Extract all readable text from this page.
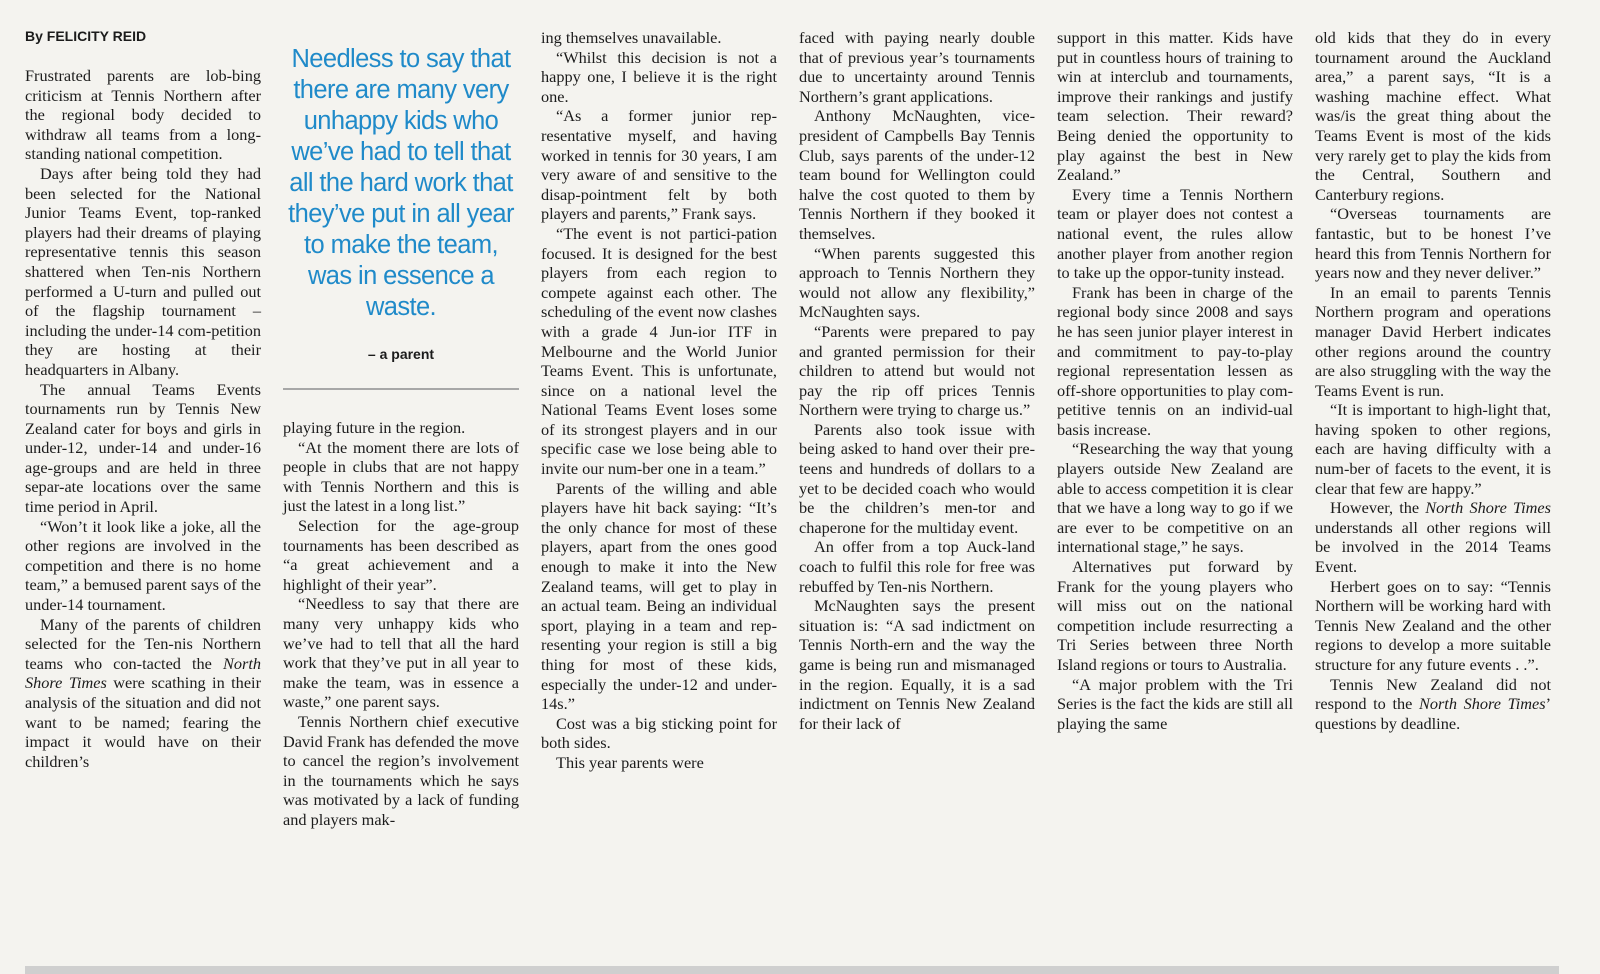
By FELICITY REID

Frustrated parents are lob-bing criticism at Tennis Northern after the regional body decided to withdraw all teams from a long-standing national competition.

Days after being told they had been selected for the National Junior Teams Event, top-ranked players had their dreams of playing representative tennis this season shattered when Ten-nis Northern performed a U-turn and pulled out of the flagship tournament – including the under-14 com-petition they are hosting at their headquarters in Albany.

The annual Teams Events tournaments run by Tennis New Zealand cater for boys and girls in under-12, under-14 and under-16 age-groups and are held in three separ-ate locations over the same time period in April.

“Won’t it look like a joke, all the other regions are involved in the competition and there is no home team,” a bemused parent says of the under-14 tournament.

Many of the parents of children selected for the Ten-nis Northern teams who con-tacted the North Shore Times were scathing in their analysis of the situation and did not want to be named; fearing the impact it would have on their children’s

Needless to say that there are many very unhappy kids who we’ve had to tell that all the hard work that they’ve put in all year to make the team, was in essence a waste.
– a parent

playing future in the region.

“At the moment there are lots of people in clubs that are not happy with Tennis Northern and this is just the latest in a long list.”

Selection for the age-group tournaments has been described as “a great achievement and a highlight of their year”.

“Needless to say that there are many very unhappy kids who we’ve had to tell that all the hard work that they’ve put in all year to make the team, was in essence a waste,” one parent says.

Tennis Northern chief executive David Frank has defended the move to cancel the region’s involvement in the tournaments which he says was motivated by a lack of funding and players mak-

ing themselves unavailable.

“Whilst this decision is not a happy one, I believe it is the right one.

“As a former junior rep-resentative myself, and having worked in tennis for 30 years, I am very aware of and sensitive to the disap-pointment felt by both players and parents,” Frank says.

“The event is not partici-pation focused. It is designed for the best players from each region to compete against each other. The scheduling of the event now clashes with a grade 4 Jun-ior ITF in Melbourne and the World Junior Teams Event. This is unfortunate, since on a national level the National Teams Event loses some of its strongest players and in our specific case we lose being able to invite our num-ber one in a team.”

Parents of the willing and able players have hit back saying: “It’s the only chance for most of these players, apart from the ones good enough to make it into the New Zealand teams, will get to play in an actual team. Being an individual sport, playing in a team and rep-resenting your region is still a big thing for most of these kids, especially the under-12 and under-14s.”

Cost was a big sticking point for both sides.

This year parents were

faced with paying nearly double that of previous year’s tournaments due to uncertainty around Tennis Northern’s grant applications.

Anthony McNaughten, vice-president of Campbells Bay Tennis Club, says parents of the under-12 team bound for Wellington could halve the cost quoted to them by Tennis Northern if they booked it themselves.

“When parents suggested this approach to Tennis Northern they would not allow any flexibility,” McNaughten says.

“Parents were prepared to pay and granted permission for their children to attend but would not pay the rip off prices Tennis Northern were trying to charge us.”

Parents also took issue with being asked to hand over their pre-teens and hundreds of dollars to a yet to be decided coach who would be the children’s men-tor and chaperone for the multiday event.

An offer from a top Auck-land coach to fulfil this role for free was rebuffed by Ten-nis Northern.

McNaughten says the present situation is: “A sad indictment on Tennis North-ern and the way the game is being run and mismanaged in the region. Equally, it is a sad indictment on Tennis New Zealand for their lack of

support in this matter. Kids have put in countless hours of training to win at interclub and tournaments, improve their rankings and justify team selection. Their reward? Being denied the opportunity to play against the best in New Zealand.”

Every time a Tennis Northern team or player does not contest a national event, the rules allow another player from another region to take up the oppor-tunity instead.

Frank has been in charge of the regional body since 2008 and says he has seen junior player interest in and commitment to pay-to-play regional representation lessen as off-shore opportunities to play com-petitive tennis on an individ-ual basis increase.

“Researching the way that young players outside New Zealand are able to access competition it is clear that we have a long way to go if we are ever to be competitive on an international stage,” he says.

Alternatives put forward by Frank for the young players who will miss out on the national competition include resurrecting a Tri Series between three North Island regions or tours to Australia.

“A major problem with the Tri Series is the fact the kids are still all playing the same

old kids that they do in every tournament around the Auckland area,” a parent says, “It is a washing machine effect. What was/is the great thing about the Teams Event is most of the kids very rarely get to play the kids from the Central, Southern and Canterbury regions.

“Overseas tournaments are fantastic, but to be honest I’ve heard this from Tennis Northern for years now and they never deliver.”

In an email to parents Tennis Northern program and operations manager David Herbert indicates other regions around the country are also struggling with the way the Teams Event is run.

“It is important to high-light that, having spoken to other regions, each are having difficulty with a num-ber of facets to the event, it is clear that few are happy.”

However, the North Shore Times understands all other regions will be involved in the 2014 Teams Event.

Herbert goes on to say: “Tennis Northern will be working hard with Tennis New Zealand and the other regions to develop a more suitable structure for any future events . .”.

Tennis New Zealand did not respond to the North Shore Times’ questions by deadline.
